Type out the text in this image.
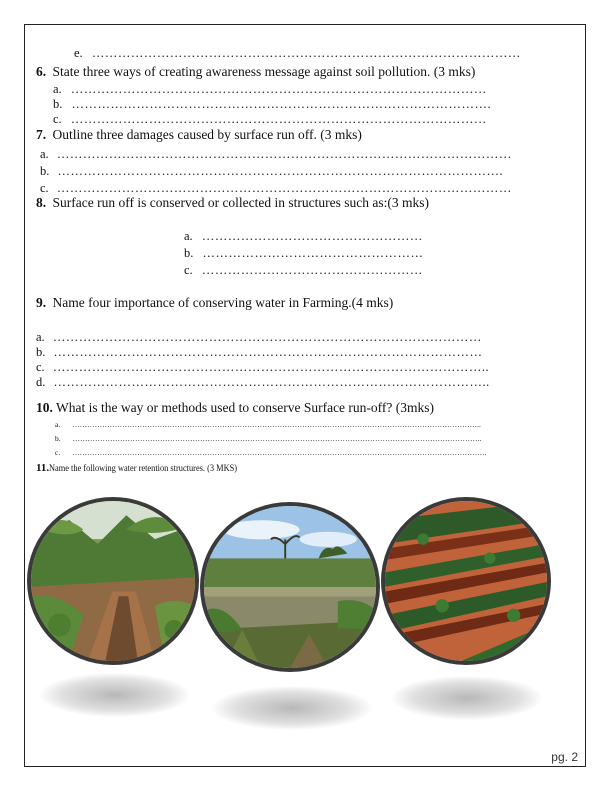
e. ………………………………………………………………………………………
6. State three ways of creating awareness message against soil pollution. (3 mks)
a. ……………………………………………………………………………………
b. …………………………………………………………………………………….
c. ……………………………………………………………………………………
7. Outline three damages caused by surface run off. (3 mks)
a. ……………………………………………………………………………………………
b. ………………………………………………………………………………………….
c. ……………………………………………………………………………………………
8. Surface run off is conserved or collected in structures such as:(3 mks)
a. ……………………………………………
b. ……………………………………………
c. ……………………………………………
9. Name four importance of conserving water in Farming.(4 mks)
a. ………………………………………………………………………………………
b. ………………………………………………………………………………………
c. ………………………………………………………………………………………..
d. ………………………………………………………………………………………..
10. What is the way or methods used to conserve Surface run-off? (3mks)
a. ………………………………………………………………………………………………………………………………………………..
b. ………………………………………………………………………………………………………………………………………………..
c. ………………………………………………………………………………………………………………………………………………….
11.Name the following water retention structures. (3 MKS)
pg. 2
